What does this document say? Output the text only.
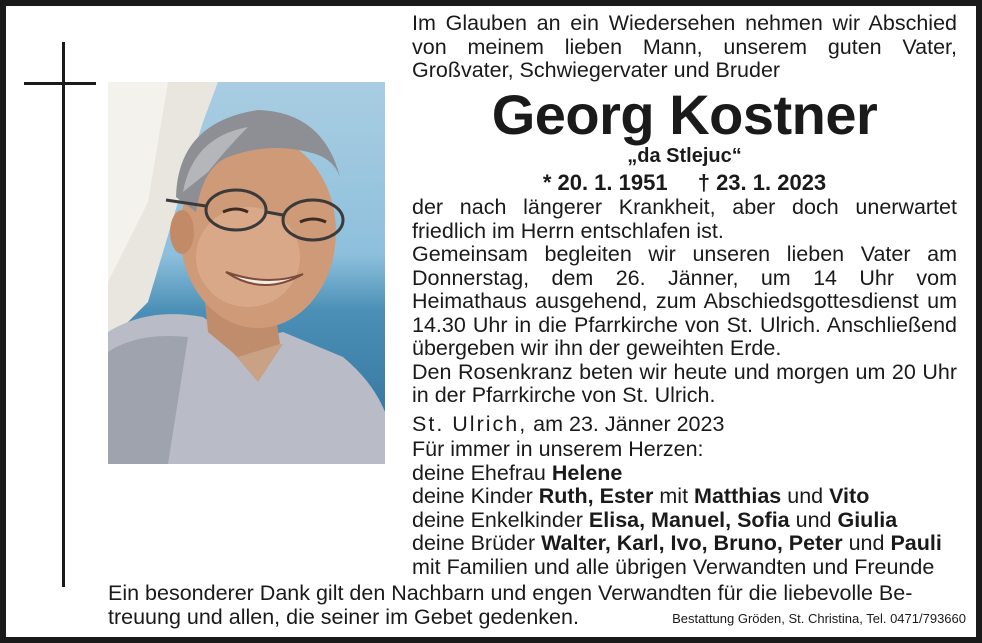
Im Glauben an ein Wiedersehen nehmen wir Abschied von meinem lieben Mann, unserem guten Vater, Großvater, Schwiegervater und Bruder
Georg Kostner
„da Stlejuc“
* 20. 1. 1951 † 23. 1. 2023

der nach längerer Krankheit, aber doch unerwartet friedlich im Herrn entschlafen ist.

Gemeinsam begleiten wir unseren lieben Vater am Donnerstag, dem 26. Jänner, um 14 Uhr vom Heimathaus ausgehend, zum Abschiedsgottesdienst um 14.30 Uhr in die Pfarrkirche von St. Ulrich. Anschließend übergeben wir ihn der geweihten Erde.

Den Rosenkranz beten wir heute und morgen um 20 Uhr in der Pfarrkirche von St. Ulrich.

St. Ulrich, am 23. Jänner 2023
Für immer in unserem Herzen:
deine Ehefrau Helene
deine Kinder Ruth, Ester mit Matthias und Vito
deine Enkelkinder Elisa, Manuel, Sofia und Giulia
deine Brüder Walter, Karl, Ivo, Bruno, Peter und Pauli
mit Familien und alle übrigen Verwandten und Freunde
Ein besonderer Dank gilt den Nachbarn und engen Verwandten für die liebevolle Be-
treuung und allen, die seiner im Gebet gedenken.	Bestattung Gröden, St. Christina, Tel. 0471/793660
